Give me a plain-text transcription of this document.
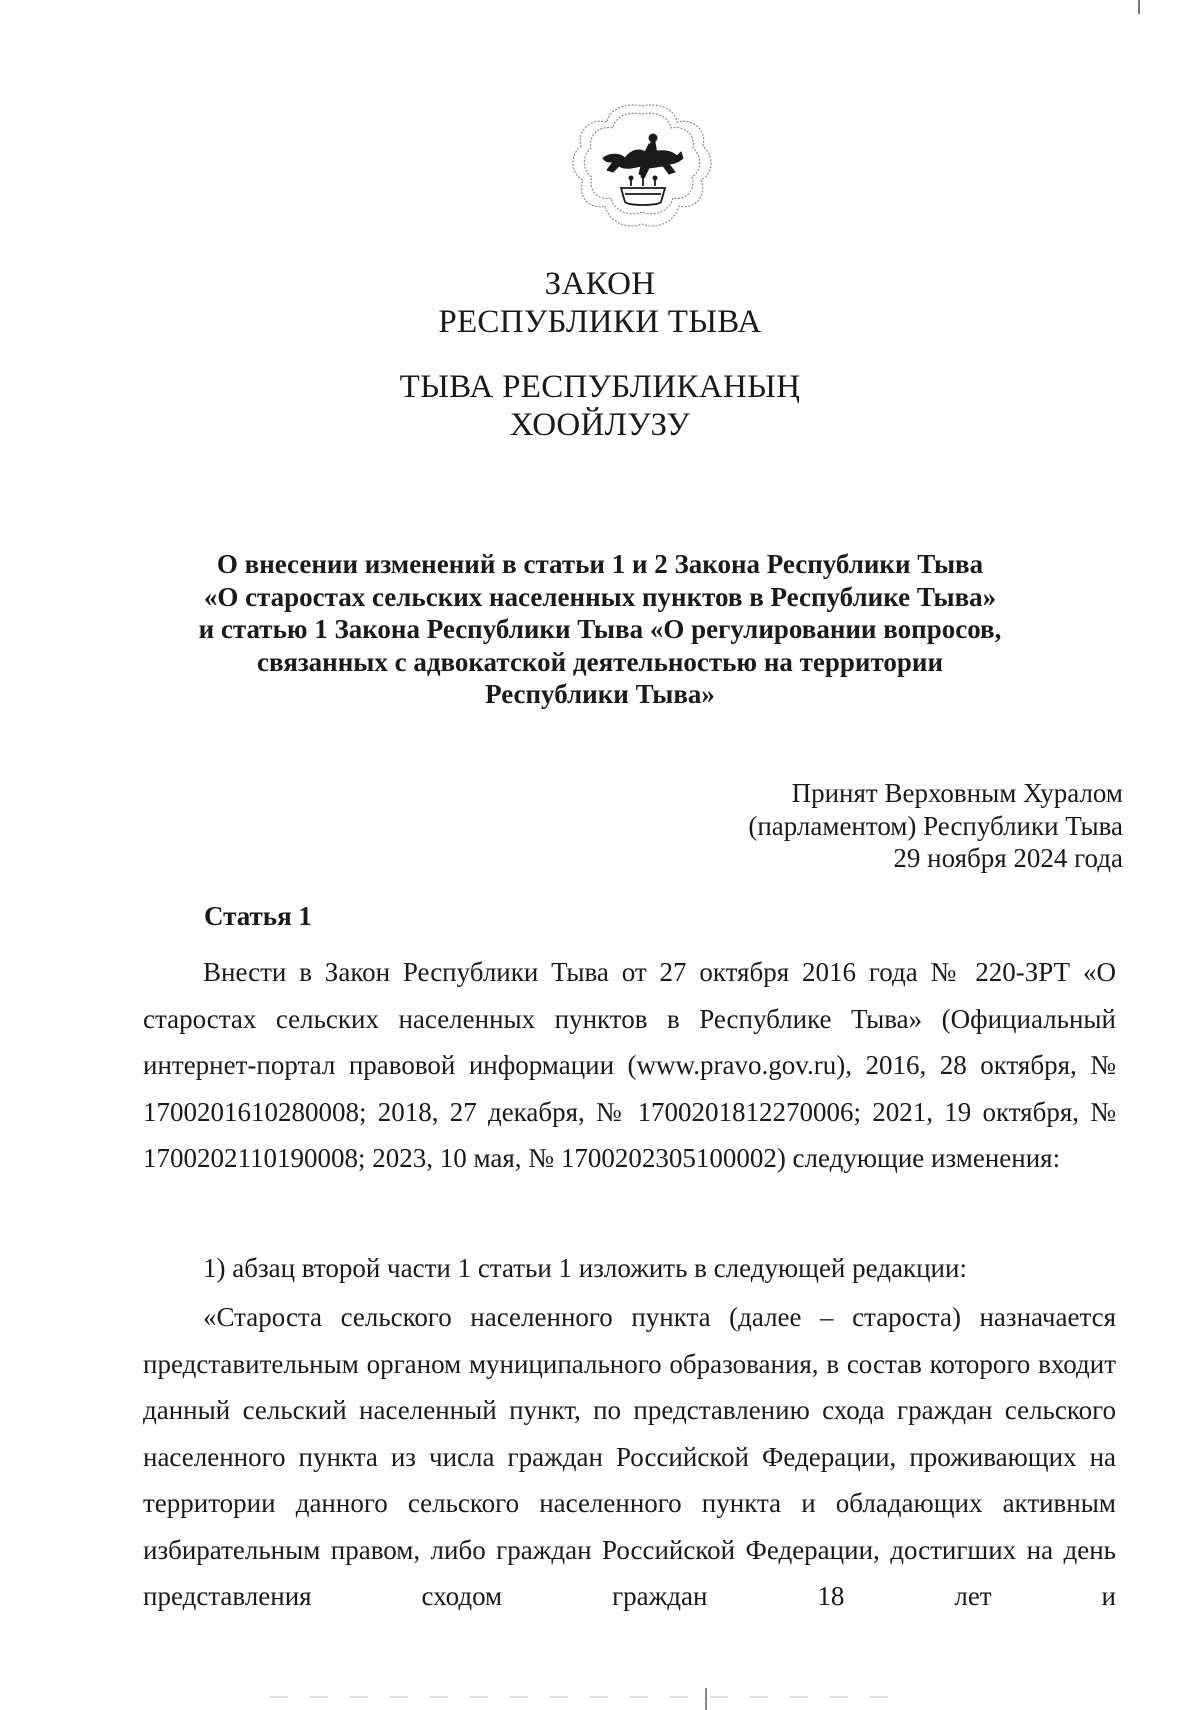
ЗАКОН
РЕСПУБЛИКИ ТЫВА
ТЫВА РЕСПУБЛИКАНЫҢ
ХООЙЛУЗУ
О внесении изменений в статьи 1 и 2 Закона Республики Тыва
«О старостах сельских населенных пунктов в Республике Тыва»
и статью 1 Закона Республики Тыва «О регулировании вопросов,
связанных с адвокатской деятельностью на территории
Республики Тыва»
Принят Верховным Хуралом
(парламентом) Республики Тыва
29 ноября 2024 года
Статья 1

Внести в Закон Республики Тыва от 27 октября 2016 года № 220-ЗРТ «О старостах сельских населенных пунктов в Республике Тыва» (Официальный интернет-портал правовой информации (www.pravo.gov.ru), 2016, 28 октября, № 1700201610280008; 2018, 27 декабря, № 1700201812270006; 2021, 19 октября, № 1700202110190008; 2023, 10 мая, № 1700202305100002) следующие изменения:

1) абзац второй части 1 статьи 1 изложить в следующей редакции:

«Староста сельского населенного пункта (далее – староста) назначается представительным органом муниципального образования, в состав которого входит данный сельский населенный пункт, по представлению схода граждан сельского населенного пункта из числа граждан Российской Федерации, проживающих на территории данного сельского населенного пункта и обладающих активным избирательным правом, либо граждан Российской Федерации, достигших на день представления сходом граждан 18 лет и
